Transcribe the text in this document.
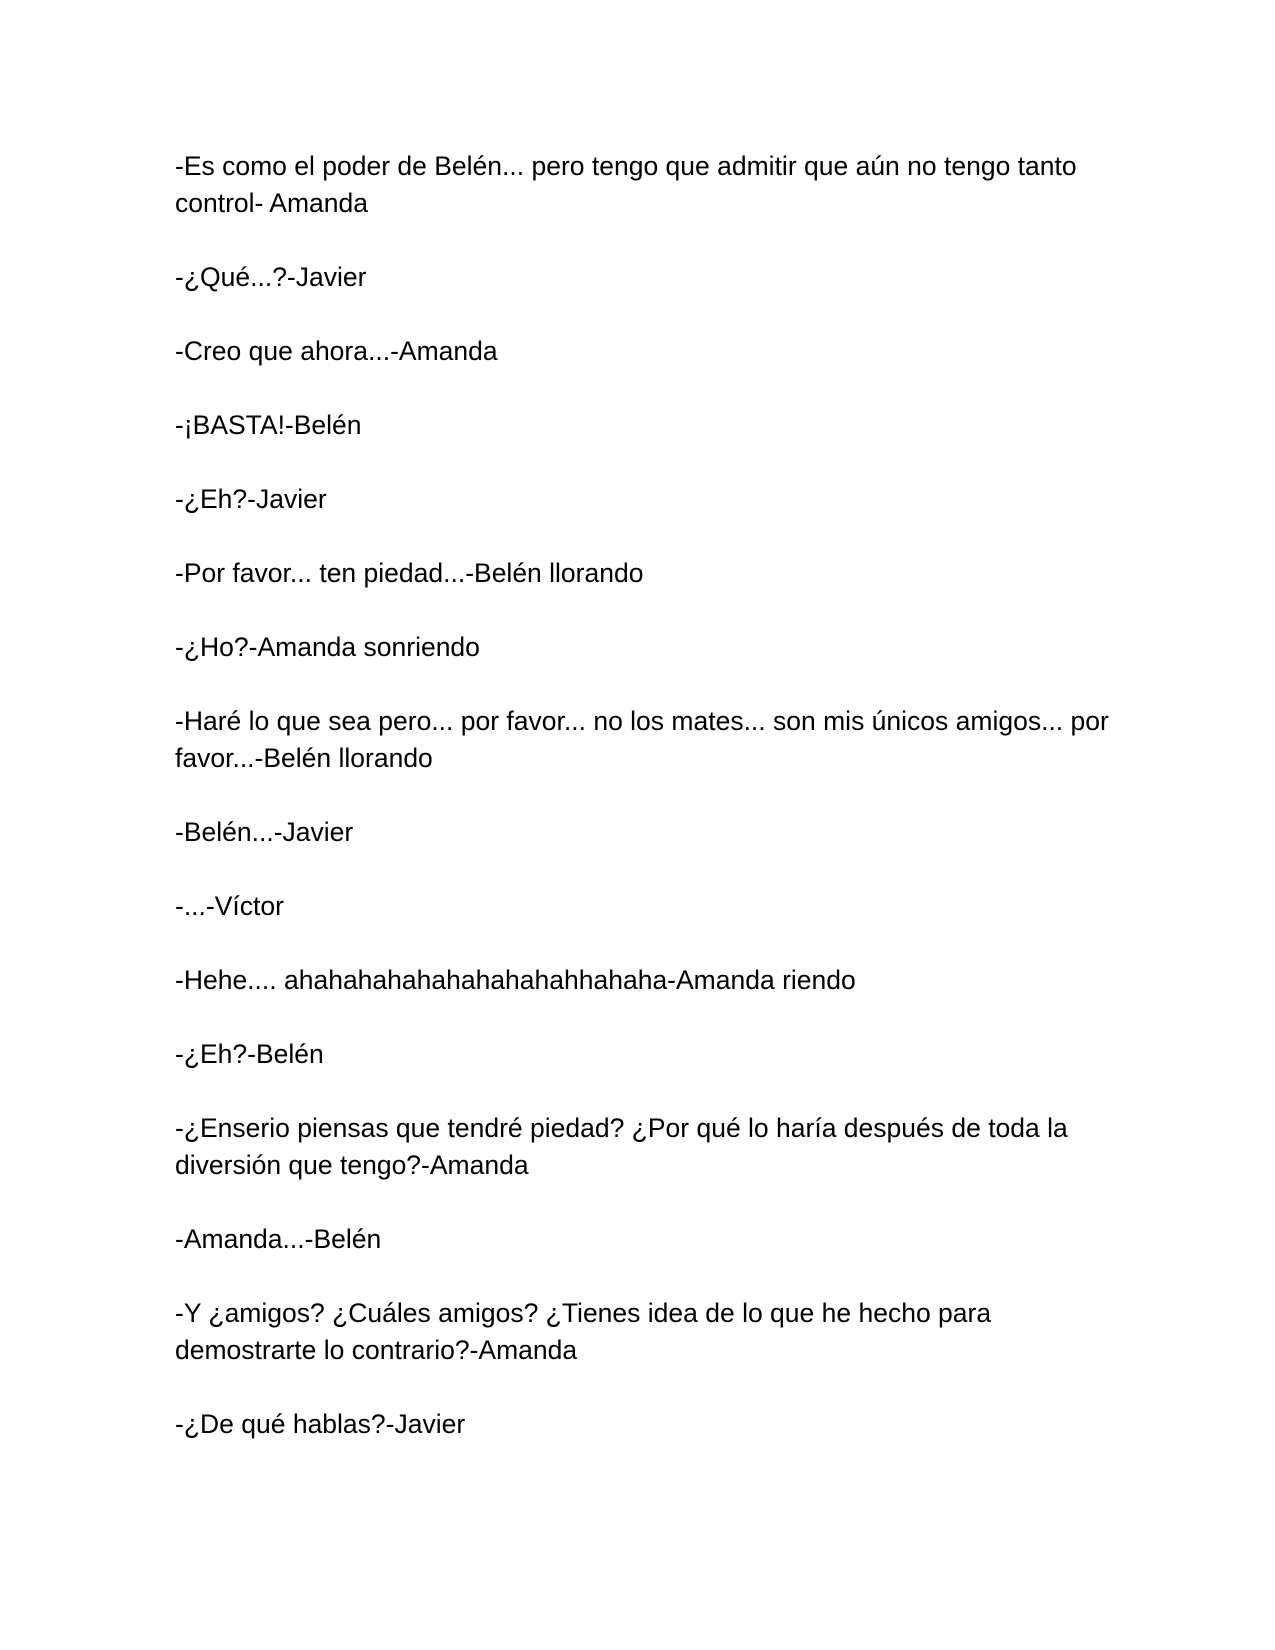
-Es como el poder de Belén... pero tengo que admitir que aún no tengo tanto control- Amanda

-¿Qué...?-Javier

-Creo que ahora...-Amanda

-¡BASTA!-Belén

-¿Eh?-Javier

-Por favor... ten piedad...-Belén llorando

-¿Ho?-Amanda sonriendo

-Haré lo que sea pero... por favor... no los mates... son mis únicos amigos... por favor...-Belén llorando

-Belén...-Javier

-...-Víctor

-Hehe.... ahahahahahahahahahahhahaha-Amanda riendo

-¿Eh?-Belén

-¿Enserio piensas que tendré piedad? ¿Por qué lo haría después de toda la diversión que tengo?-Amanda

-Amanda...-Belén

-Y ¿amigos? ¿Cuáles amigos? ¿Tienes idea de lo que he hecho para demostrarte lo contrario?-Amanda

-¿De qué hablas?-Javier
